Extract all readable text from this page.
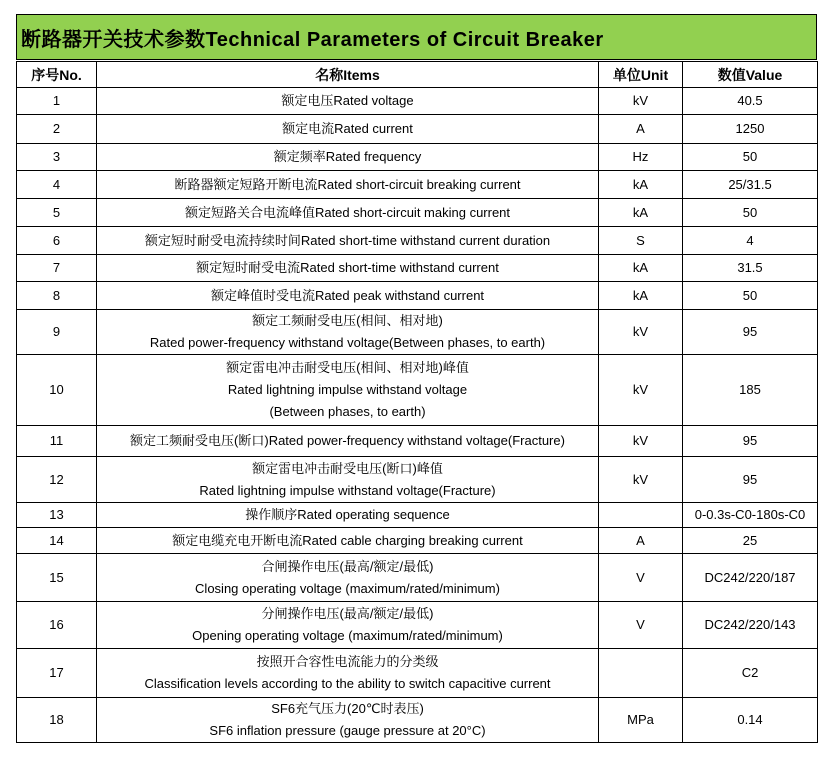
断路器开关技术参数Technical Parameters of Circuit Breaker
序号No.	名称Items	单位Unit	数值Value
1	额定电压Rated voltage	kV	40.5
2	额定电流Rated current	A	1250
3	额定频率Rated frequency	Hz	50
4	断路器额定短路开断电流Rated short-circuit breaking current	kA	25/31.5
5	额定短路关合电流峰值Rated short-circuit making current	kA	50
6	额定短时耐受电流持续时间Rated short-time withstand current duration	S	4
7	额定短时耐受电流Rated short-time withstand current	kA	31.5
8	额定峰值时受电流Rated peak withstand current	kA	50
9	额定工频耐受电压(相间、相对地)
Rated power-frequency withstand voltage(Between phases, to earth)	kV	95
10	额定雷电冲击耐受电压(相间、相对地)峰值
Rated lightning impulse withstand voltage
(Between phases, to earth)	kV	185
11	额定工频耐受电压(断口)Rated power-frequency withstand voltage(Fracture)	kV	95
12	额定雷电冲击耐受电压(断口)峰值
Rated lightning impulse withstand voltage(Fracture)	kV	95
13	操作顺序Rated operating sequence		0-0.3s-C0-180s-C0
14	额定电缆充电开断电流Rated cable charging breaking current	A	25
15	合闸操作电压(最高/额定/最低)
Closing operating voltage (maximum/rated/minimum)	V	DC242/220/187
16	分闸操作电压(最高/额定/最低)
Opening operating voltage (maximum/rated/minimum)	V	DC242/220/143
17	按照开合容性电流能力的分类级
Classification levels according to the ability to switch capacitive current		C2
18	SF6充气压力(20℃时表压)
SF6 inflation pressure (gauge pressure at 20°C)	MPa	0.14
